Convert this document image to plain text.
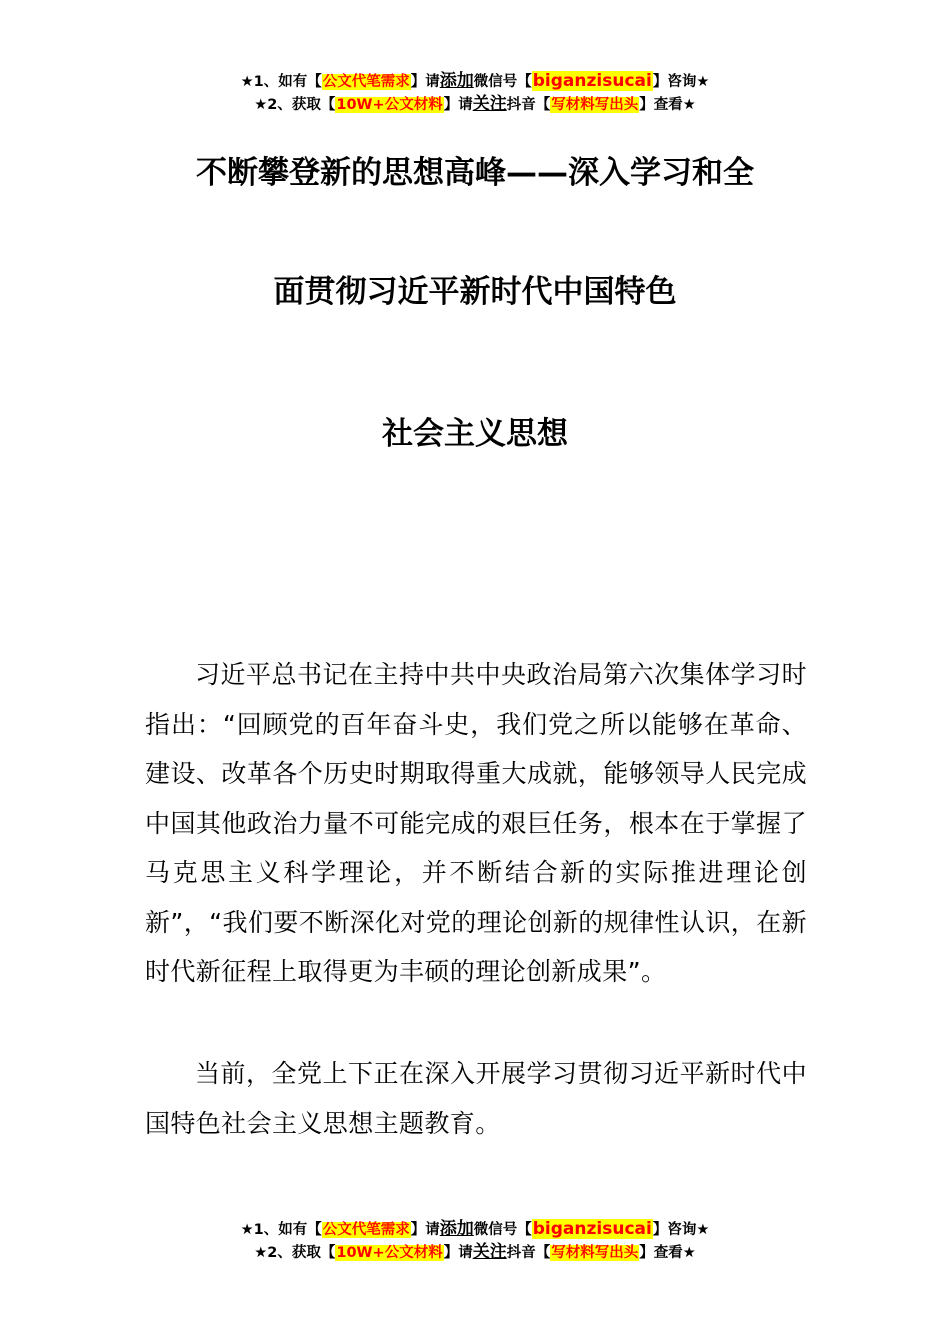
★1、如有【公文代笔需求】请添加微信号【biganzisucai】咨询★
★2、获取【10W+公文材料】请关注抖音【写材料写出头】查看★
不断攀登新的思想高峰——深入学习和全
面贯彻习近平新时代中国特色
社会主义思想
习近平总书记在主持中共中央政治局第六次集体学习时指出：“回顾党的百年奋斗史，我们党之所以能够在革命、建设、改革各个历史时期取得重大成就，能够领导人民完成中国其他政治力量不可能完成的艰巨任务，根本在于掌握了马克思主义科学理论，并不断结合新的实际推进理论创新”，“我们要不断深化对党的理论创新的规律性认识，在新时代新征程上取得更为丰硕的理论创新成果”。
当前，全党上下正在深入开展学习贯彻习近平新时代中国特色社会主义思想主题教育。
★1、如有【公文代笔需求】请添加微信号【biganzisucai】咨询★
★2、获取【10W+公文材料】请关注抖音【写材料写出头】查看★
